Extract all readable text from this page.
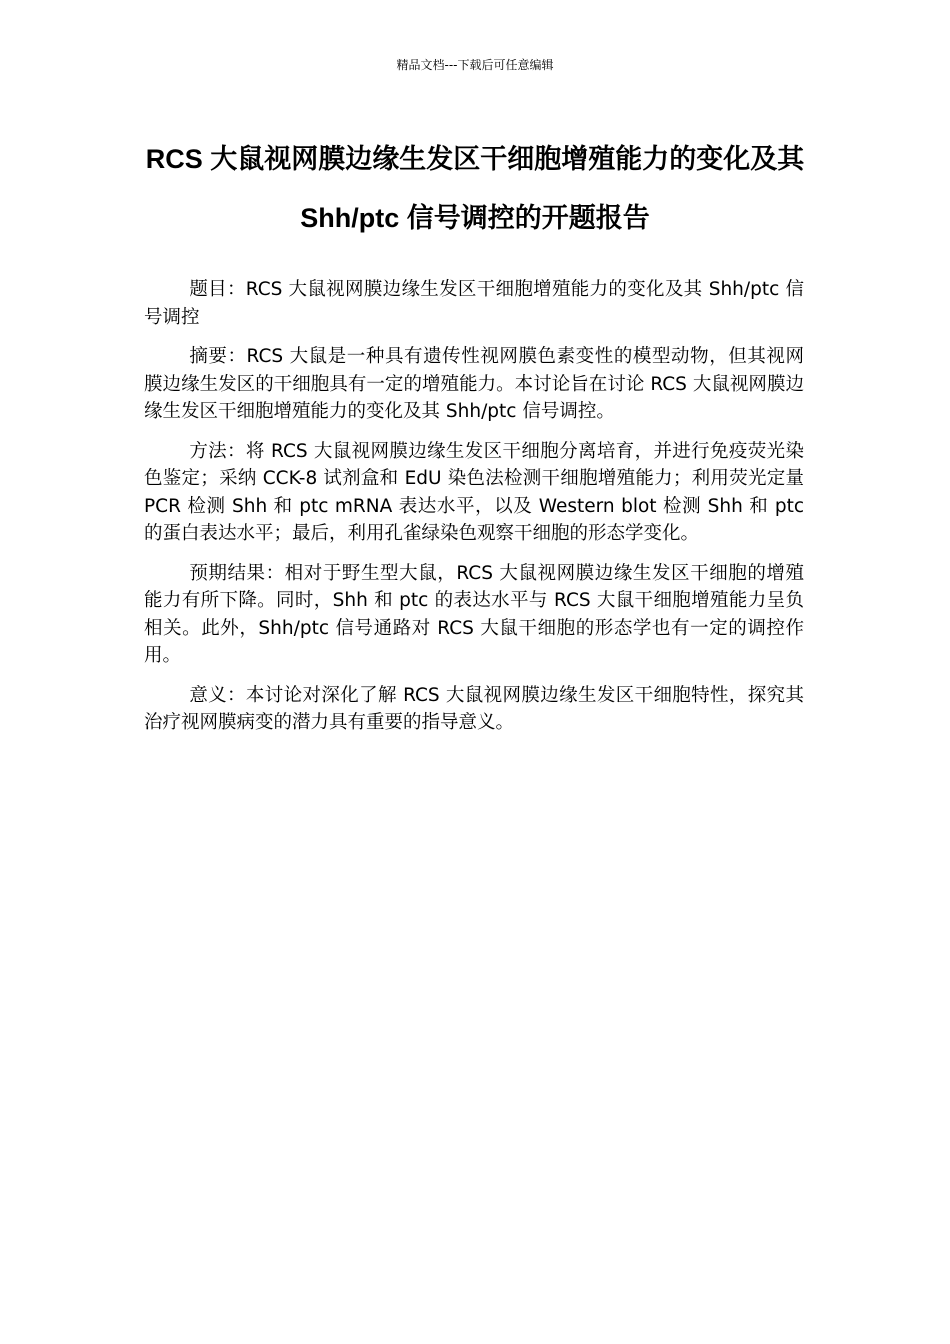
精品文档---下载后可任意编辑
RCS 大鼠视网膜边缘生发区干细胞增殖能力的变化及其 Shh/ptc 信号调控的开题报告

题目：RCS 大鼠视网膜边缘生发区干细胞增殖能力的变化及其 Shh/ptc 信号调控

摘要：RCS 大鼠是一种具有遗传性视网膜色素变性的模型动物，但其视网膜边缘生发区的干细胞具有一定的增殖能力。本讨论旨在讨论 RCS 大鼠视网膜边缘生发区干细胞增殖能力的变化及其 Shh/ptc 信号调控。

方法：将 RCS 大鼠视网膜边缘生发区干细胞分离培育，并进行免疫荧光染色鉴定；采纳 CCK-8 试剂盒和 EdU 染色法检测干细胞增殖能力；利用荧光定量 PCR 检测 Shh 和 ptc mRNA 表达水平，以及 Western blot 检测 Shh 和 ptc 的蛋白表达水平；最后，利用孔雀绿染色观察干细胞的形态学变化。

预期结果：相对于野生型大鼠，RCS 大鼠视网膜边缘生发区干细胞的增殖能力有所下降。同时，Shh 和 ptc 的表达水平与 RCS 大鼠干细胞增殖能力呈负相关。此外，Shh/ptc 信号通路对 RCS 大鼠干细胞的形态学也有一定的调控作用。

意义：本讨论对深化了解 RCS 大鼠视网膜边缘生发区干细胞特性，探究其治疗视网膜病变的潜力具有重要的指导意义。
